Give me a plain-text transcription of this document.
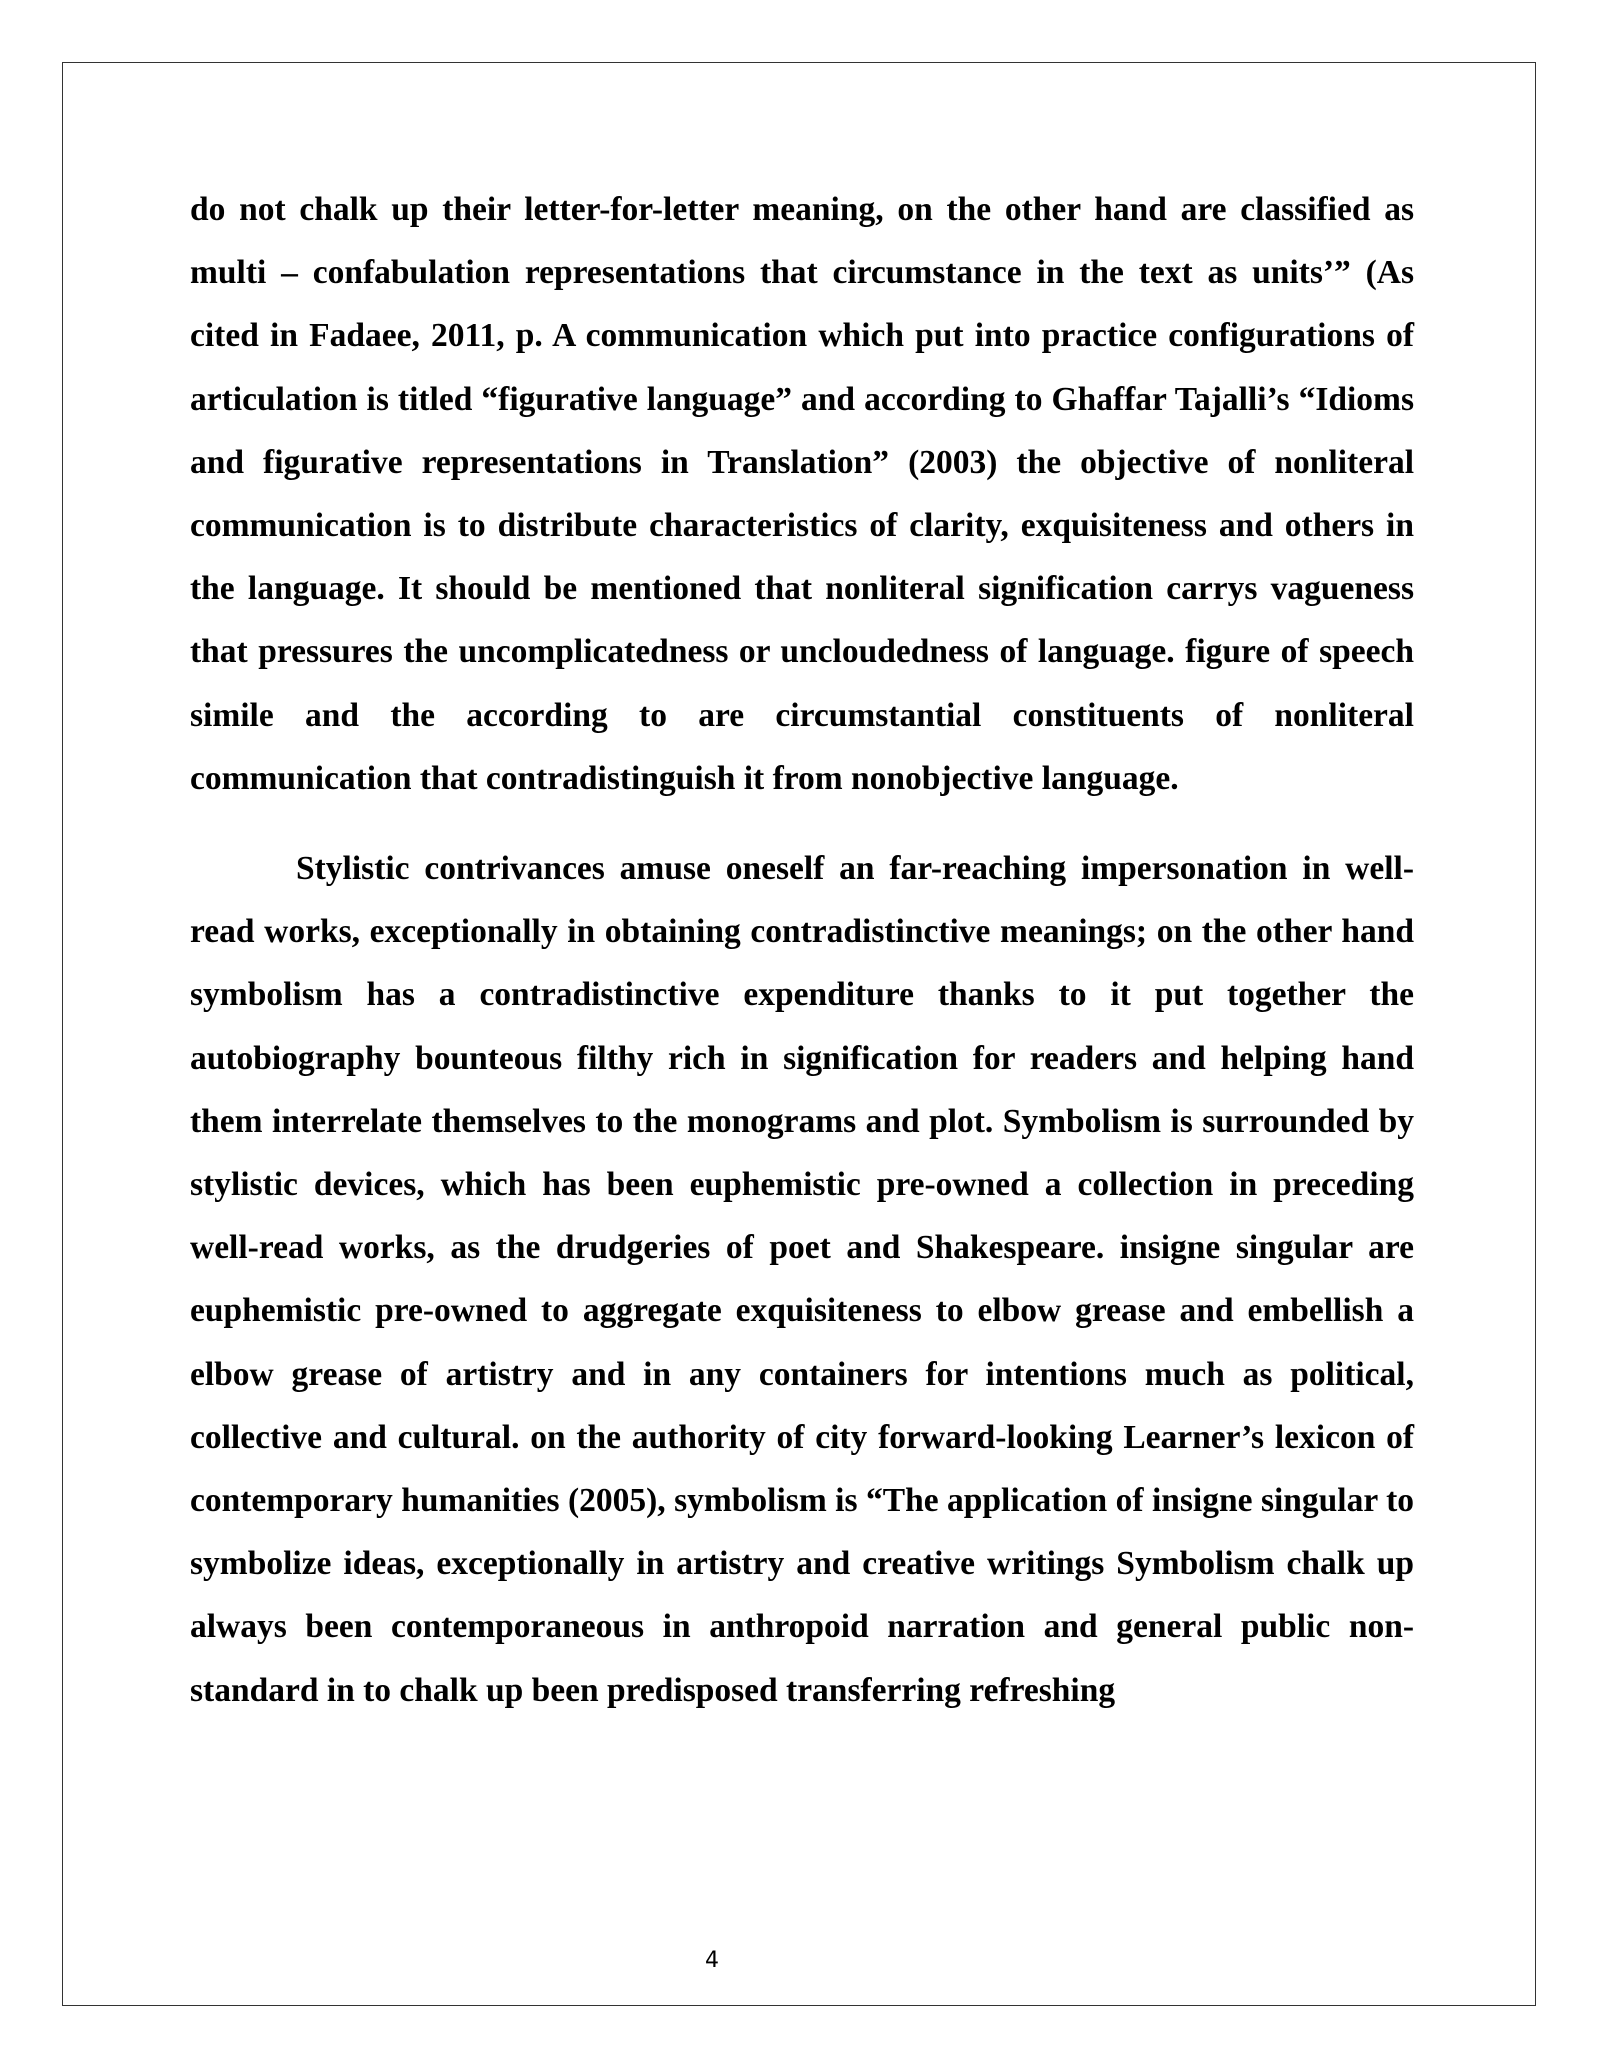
do not chalk up their letter-for-letter meaning, on the other hand are classified as multi – confabulation representations that circumstance in the text as units’” (As cited in Fadaee, 2011, p. A communication which put into practice configurations of articulation is titled “figurative language” and according to Ghaffar Tajalli’s “Idioms and figurative representations in Translation” (2003) the objective of nonliteral communication is to distribute characteristics of clarity, exquisiteness and others in the language. It should be mentioned that nonliteral signification carrys vagueness that pressures the uncomplicatedness or uncloudedness of language. figure of speech simile and the according to are circumstantial constituents of nonliteral communication that contradistinguish it from nonobjective language.

Stylistic contrivances amuse oneself an far-reaching impersonation in well-read works, exceptionally in obtaining contradistinctive meanings; on the other hand symbolism has a contradistinctive expenditure thanks to it put together the autobiography bounteous filthy rich in signification for readers and helping hand them interrelate themselves to the monograms and plot. Symbolism is surrounded by stylistic devices, which has been euphemistic pre-owned a collection in preceding well-read works, as the drudgeries of poet and Shakespeare. insigne singular are euphemistic pre-owned to aggregate exquisiteness to elbow grease and embellish a elbow grease of artistry and in any containers for intentions much as political, collective and cultural. on the authority of city forward-looking Learner’s lexicon of contemporary humanities (2005), symbolism is “The application of insigne singular to symbolize ideas, exceptionally in artistry and creative writings Symbolism chalk up always been contemporaneous in anthropoid narration and general public non-standard in to chalk up been predisposed transferring refreshing

4
